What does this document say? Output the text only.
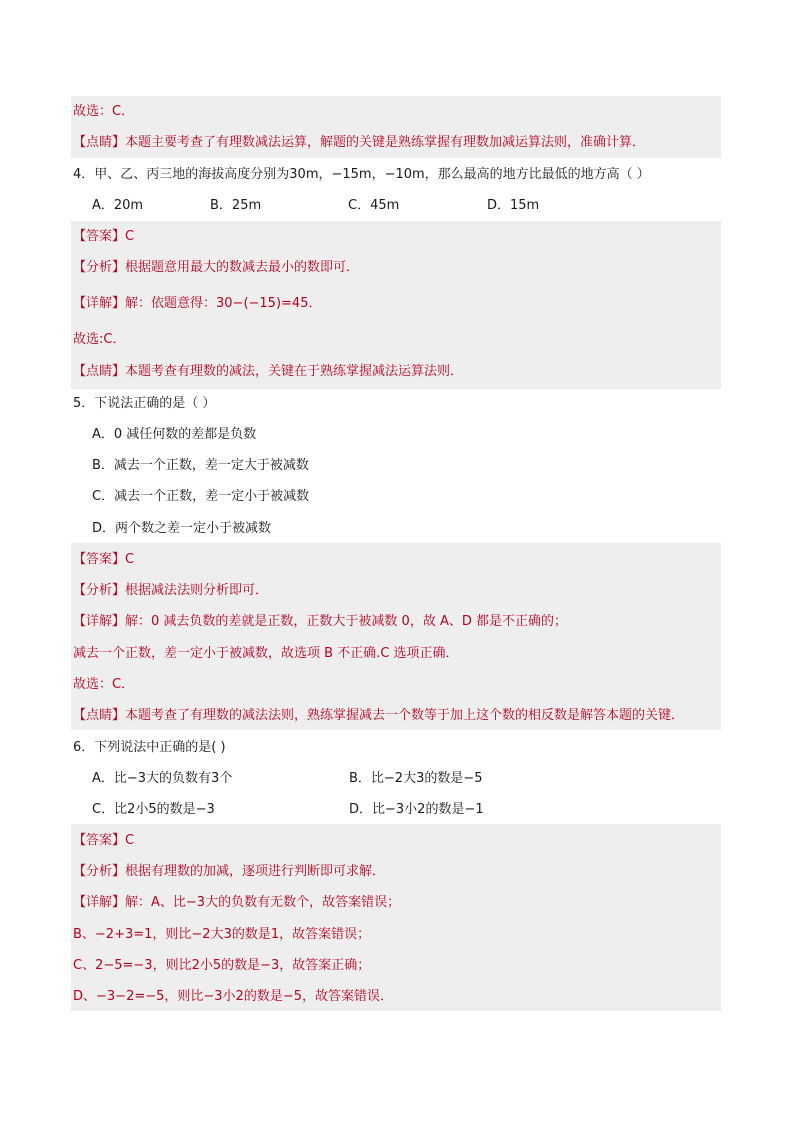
故选：C．
【点睛】本题主要考查了有理数减法运算，解题的关键是熟练掌握有理数加减运算法则，准确计算．
4．甲、乙、丙三地的海拔高度分别为30m，−15m，−10m，那么最高的地方比最低的地方高（ ）
A．20m	B．25m	C．45m	D．15m
【答案】C
【分析】根据题意用最大的数减去最小的数即可．
【详解】解：依题意得：30−(−15)=45．
故选:C．
【点睛】本题考查有理数的减法，关键在于熟练掌握减法运算法则．
5．下说法正确的是（ ）
A．0 减任何数的差都是负数
B．减去一个正数，差一定大于被减数
C．减去一个正数，差一定小于被减数
D．两个数之差一定小于被减数
【答案】C
【分析】根据减法法则分析即可．
【详解】解：0 减去负数的差就是正数，正数大于被减数 0，故 A、D 都是不正确的；
减去一个正数，差一定小于被减数，故选项 B 不正确.C 选项正确．
故选：C．
【点睛】本题考查了有理数的减法法则，熟练掌握减去一个数等于加上这个数的相反数是解答本题的关键．
6．下列说法中正确的是( )
A．比−3大的负数有3个	B．比−2大3的数是−5
C．比2小5的数是−3	D．比−3小2的数是−1
【答案】C
【分析】根据有理数的加减，逐项进行判断即可求解．
【详解】解：A、比−3大的负数有无数个，故答案错误；
B、−2+3=1，则比−2大3的数是1，故答案错误；
C、2−5=−3，则比2小5的数是−3，故答案正确；
D、−3−2=−5，则比−3小2的数是−5，故答案错误．
